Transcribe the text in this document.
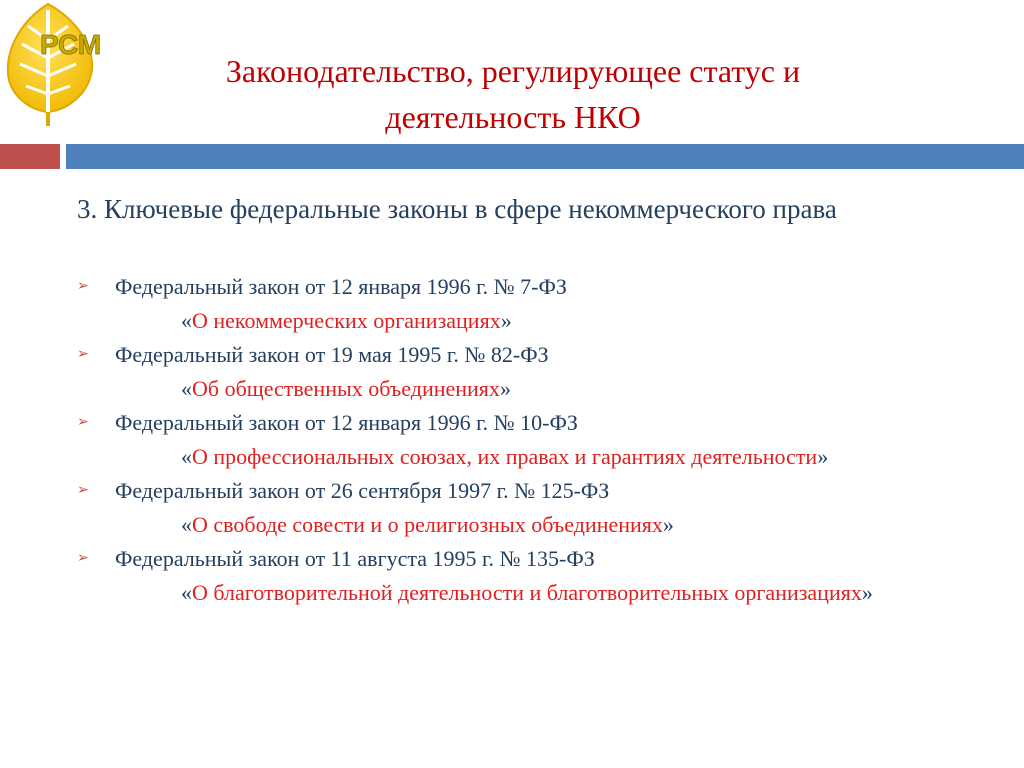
РСМ
Законодательство, регулирующее статус и
деятельность НКО
3. Ключевые федеральные законы в сфере некоммерческого права
➢	Федеральный закон от 12 января 1996 г. № 7-ФЗ
«О некоммерческих организациях»
➢	Федеральный закон от 19 мая 1995 г. № 82-ФЗ
«Об общественных объединениях»
➢	Федеральный закон от 12 января 1996 г. № 10-ФЗ
«О профессиональных союзах, их правах и гарантиях деятельности»
➢	Федеральный закон от 26 сентября 1997 г. № 125-ФЗ
«О свободе совести и о религиозных объединениях»
➢	Федеральный закон от 11 августа 1995 г. № 135-ФЗ
«О благотворительной деятельности и благотворительных организациях»
